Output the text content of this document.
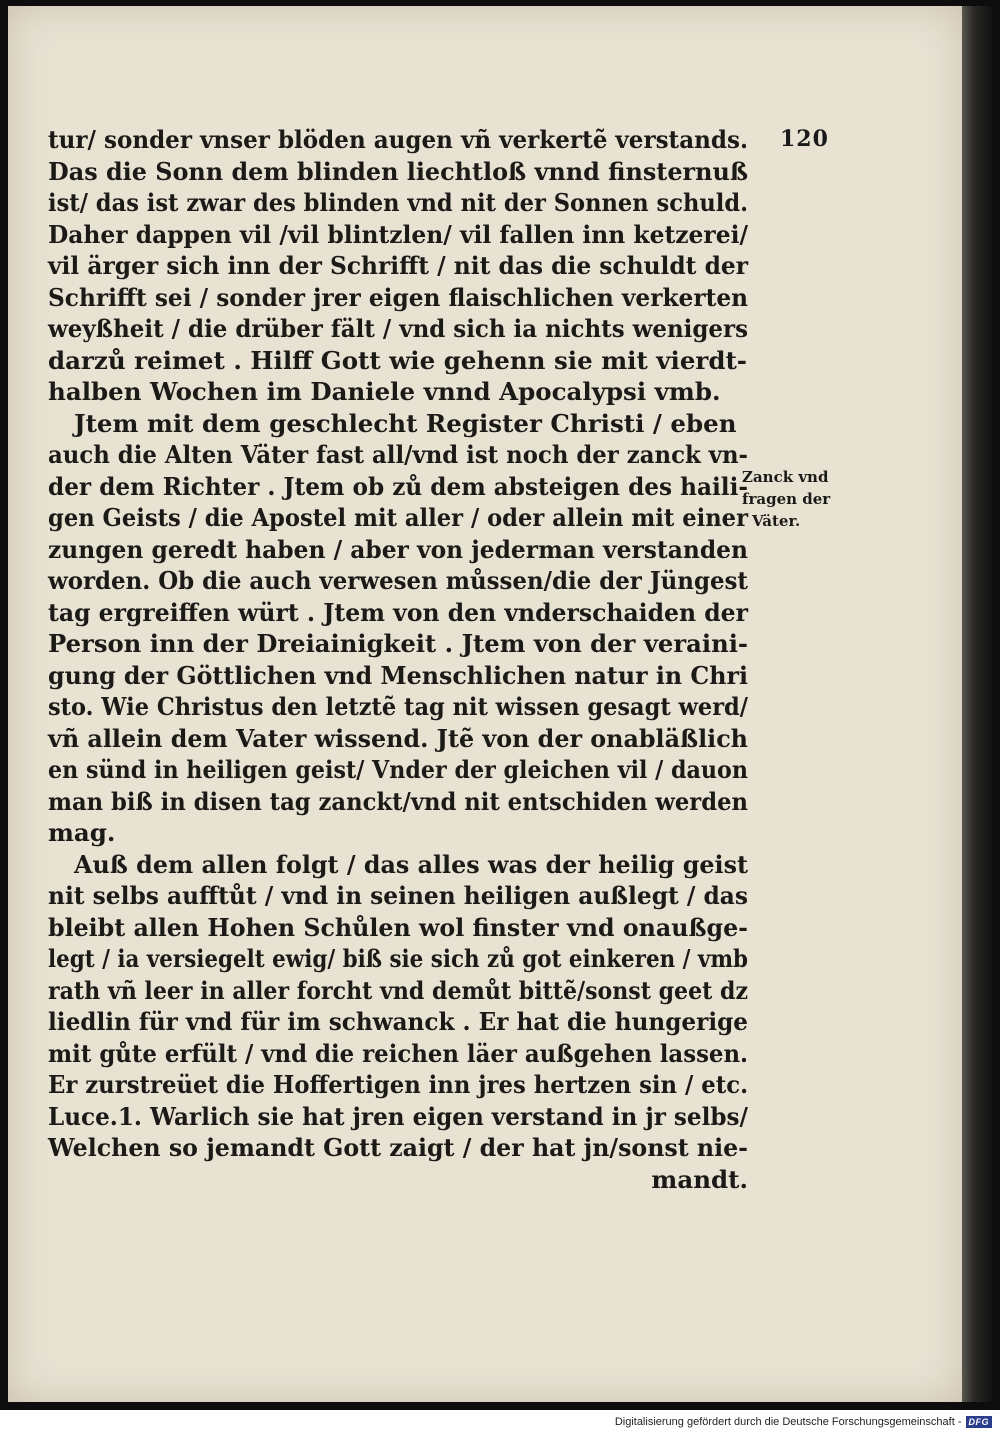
120
tur/ sonder vnser blöden augen vñ verkertẽ verstands.
Das die Sonn dem blinden liechtloß vnnd finsternuß
ist/ das ist zwar des blinden vnd nit der Sonnen schuld.
Daher dappen vil /vil blintzlen/ vil fallen inn ketzerei/
vil ärger sich inn der Schrifft / nit das die schuldt der
Schrifft sei / sonder jrer eigen flaischlichen verkerten
weyßheit / die drüber fält / vnd sich ia nichts wenigers
darzů reimet . Hilff Gott wie gehenn sie mit vierdt-
halben Wochen im Daniele vnnd Apocalypsi vmb.
Jtem mit dem geschlecht Register Christi / eben
auch die Alten Väter fast all/vnd ist noch der zanck vn-
der dem Richter . Jtem ob zů dem absteigen des haili-
gen Geists / die Apostel mit aller / oder allein mit einer
zungen geredt haben / aber von jederman verstanden
worden. Ob die auch verwesen můssen/die der Jüngest
tag ergreiffen würt . Jtem von den vnderschaiden der
Person inn der Dreiainigkeit . Jtem von der veraini-
gung der Göttlichen vnd Menschlichen natur in Chri
sto. Wie Christus den letztẽ tag nit wissen gesagt werd/
vñ allein dem Vater wissend. Jtẽ von der onabläßlich
en sünd in heiligen geist/ Vnder der gleichen vil / dauon
man biß in disen tag zanckt/vnd nit entschiden werden
mag.
Auß dem allen folgt / das alles was der heilig geist
nit selbs aufftůt / vnd in seinen heiligen außlegt / das
bleibt allen Hohen Schůlen wol finster vnd onaußge-
legt / ia versiegelt ewig/ biß sie sich zů got einkeren / vmb
rath vñ leer in aller forcht vnd demůt bittẽ/sonst geet dz
liedlin für vnd für im schwanck . Er hat die hungerige
mit gůte erfült / vnd die reichen läer außgehen lassen.
Er zurstreüet die Hoffertigen inn jres hertzen sin / etc.
Luce.1. Warlich sie hat jren eigen verstand in jr selbs/
Welchen so jemandt Gott zaigt / der hat jn/sonst nie-
mandt.
Zanck vnd
fragen der
Väter.
Digitalisierung gefördert durch die Deutsche Forschungsgemeinschaft - DFG
